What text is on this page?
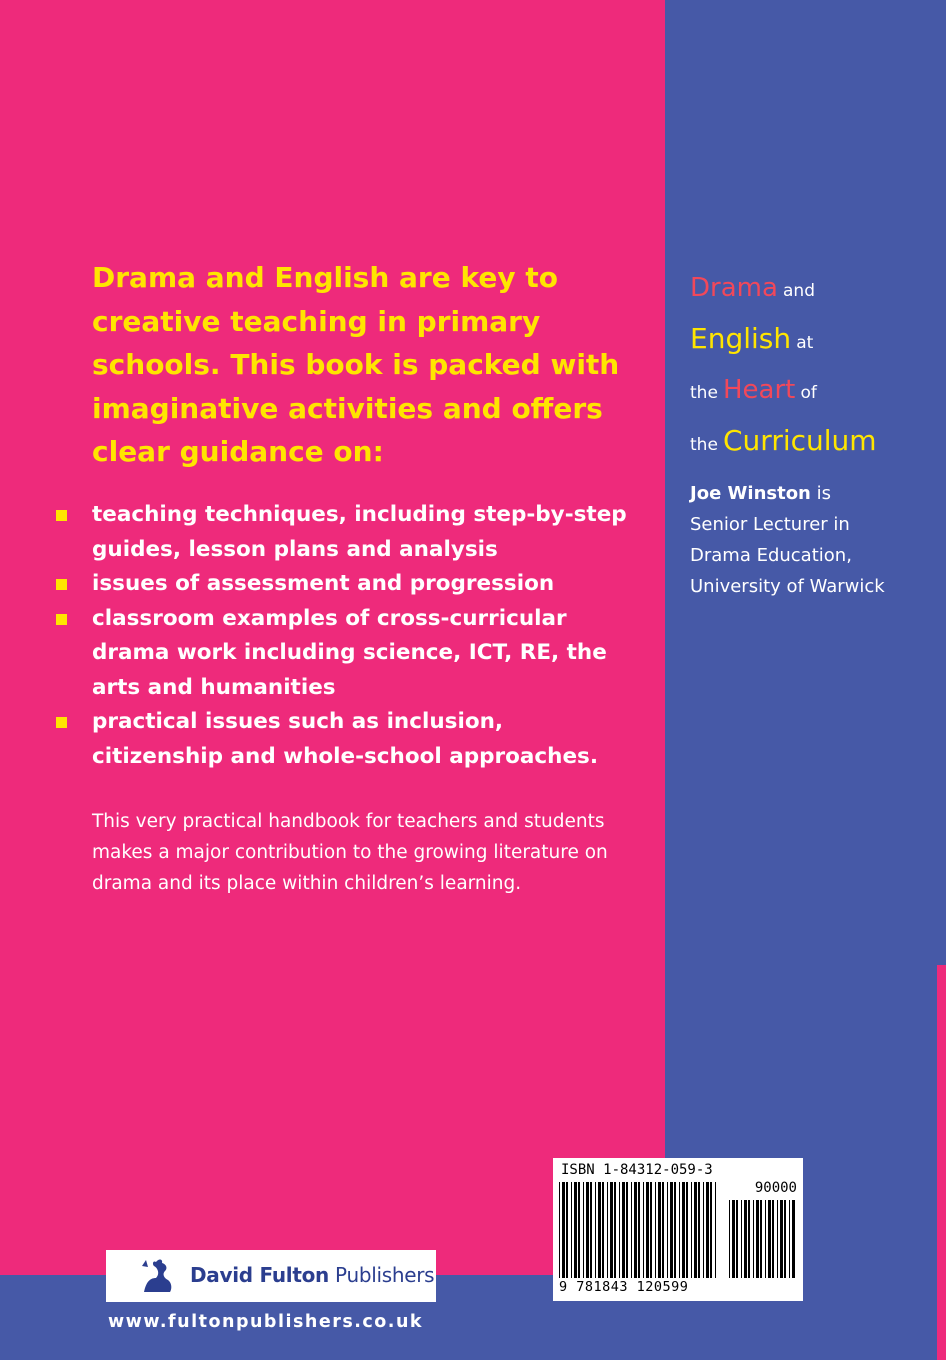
Drama and English are key to creative teaching in primary schools. This book is packed with imaginative activities and offers clear guidance on:

teaching techniques, including step-by-step guides, lesson plans and analysis
issues of assessment and progression
classroom examples of cross-curricular drama work including science, ICT, RE, the arts and humanities
practical issues such as inclusion, citizenship and whole-school approaches.

This very practical handbook for teachers and students makes a major contribution to the growing literature on drama and its place within children’s learning.

Drama and
English at
the Heart of
the Curriculum

Joe Winston is
Senior Lecturer in
Drama Education,
University of Warwick

ISBN 1-84312-059-3
90000
9 781843 120599
David Fulton Publishers
www.fultonpublishers.co.uk
